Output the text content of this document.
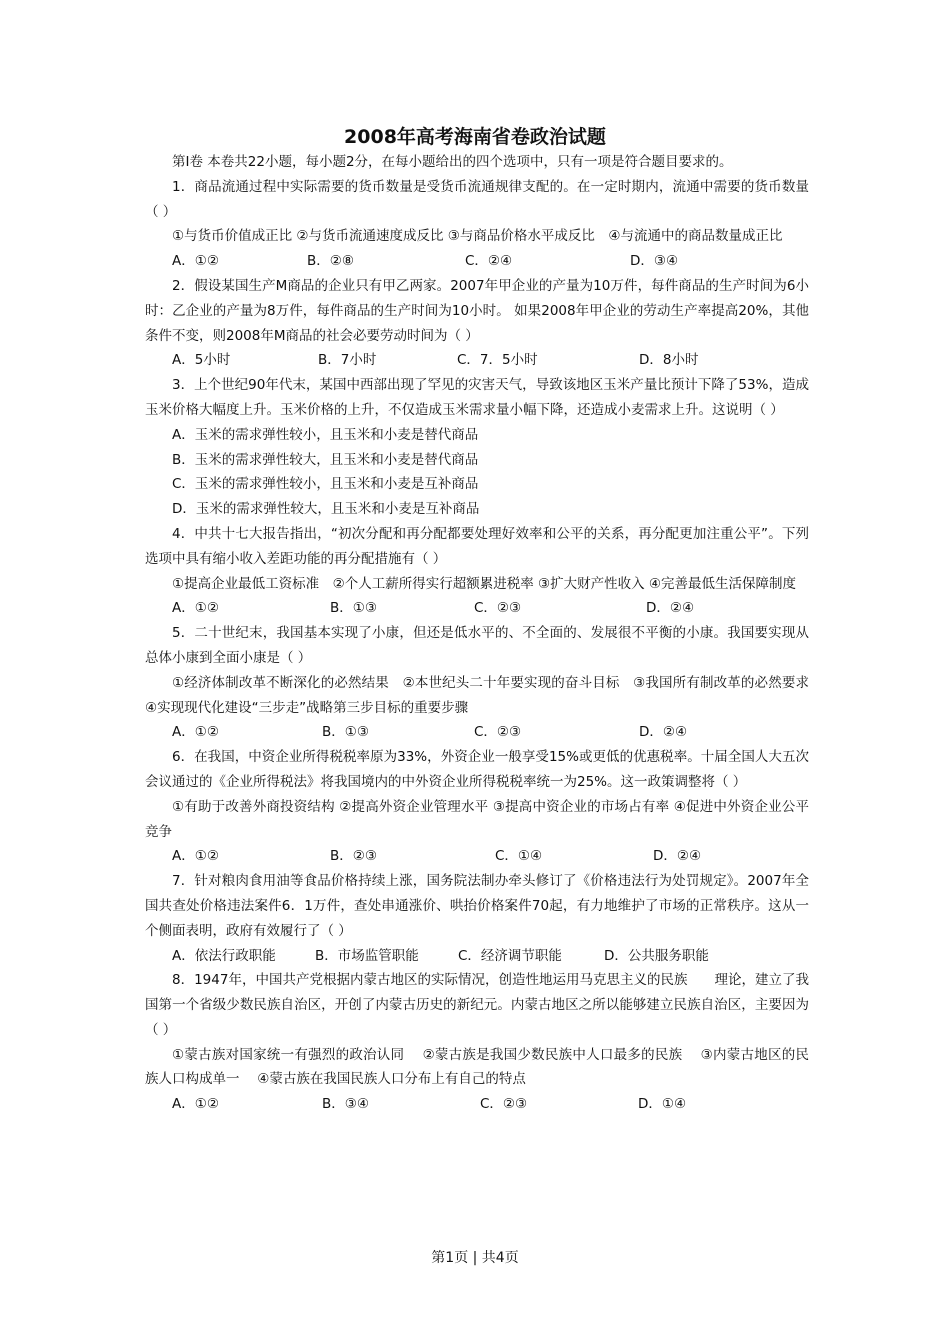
2008年高考海南省卷政治试题

第Ⅰ卷 本卷共22小题，每小题2分，在每小题给出的四个选项中，只有一项是符合题目要求的。

1．商品流通过程中实际需要的货币数量是受货币流通规律支配的。在一定时期内，流通中需要的货币数量（ ）

①与货币价值成正比 ②与货币流通速度成反比 ③与商品价格水平成反比　④与流通中的商品数量成正比

A．①②	B．②⑧	C．②④	D．③④

2．假设某国生产M商品的企业只有甲乙两家。2007年甲企业的产量为10万件，每件商品的生产时间为6小时：乙企业的产量为8万件，每件商品的生产时间为10小时。 如果2008年甲企业的劳动生产率提高20%，其他条件不变，则2008年M商品的社会必要劳动时间为（ ）

A．5小时	B．7小时	C．7．5小时	D．8小时

3．上个世纪90年代末，某国中西部出现了罕见的灾害天气，导致该地区玉米产量比预计下降了53%，造成玉米价格大幅度上升。玉米价格的上升，不仅造成玉米需求量小幅下降，还造成小麦需求上升。这说明（ ）

A．玉米的需求弹性较小，且玉米和小麦是替代商品
B．玉米的需求弹性较大，且玉米和小麦是替代商品
C．玉米的需求弹性较小，且玉米和小麦是互补商品
D．玉米的需求弹性较大，且玉米和小麦是互补商品

4．中共十七大报告指出，“初次分配和再分配都要处理好效率和公平的关系，再分配更加注重公平”。下列选项中具有缩小收入差距功能的再分配措施有（ ）

①提高企业最低工资标准　②个人工薪所得实行超额累进税率 ③扩大财产性收入 ④完善最低生活保障制度

A．①②	B．①③	C．②③	D．②④

5．二十世纪末，我国基本实现了小康，但还是低水平的、不全面的、发展很不平衡的小康。我国要实现从总体小康到全面小康是（ ）

①经济体制改革不断深化的必然结果　②本世纪头二十年要实现的奋斗目标　③我国所有制改革的必然要求　 ④实现现代化建设“三步走”战略第三步目标的重要步骤

A．①②	B．①③	C．②③	D．②④

6．在我国，中资企业所得税税率原为33%，外资企业一般享受15%或更低的优惠税率。十届全国人大五次会议通过的《企业所得税法》将我国境内的中外资企业所得税税率统一为25%。这一政策调整将（ ）

①有助于改善外商投资结构 ②提高外资企业管理水平 ③提高中资企业的市场占有率 ④促进中外资企业公平竞争

A．①②	B．②③	C．①④	D．②④

7．针对粮肉食用油等食品价格持续上涨，国务院法制办牵头修订了《价格违法行为处罚规定》。2007年全国共查处价格违法案件6．1万件，查处串通涨价、哄抬价格案件70起，有力地维护了市场的正常秩序。这从一个侧面表明，政府有效履行了（ ）

A．依法行政职能	B．市场监管职能	C．经济调节职能	D．公共服务职能

8．1947年，中国共产党根据内蒙古地区的实际情况，创造性地运用马克思主义的民族　　理论，建立了我国第一个省级少数民族自治区，开创了内蒙古历史的新纪元。内蒙古地区之所以能够建立民族自治区，主要因为（ ）

①蒙古族对国家统一有强烈的政治认同　 ②蒙古族是我国少数民族中人口最多的民族　 ③内蒙古地区的民族人口构成单一　 ④蒙古族在我国民族人口分布上有自己的特点

A．①②	B．③④	C．②③	D．①④
第1页 | 共4页
